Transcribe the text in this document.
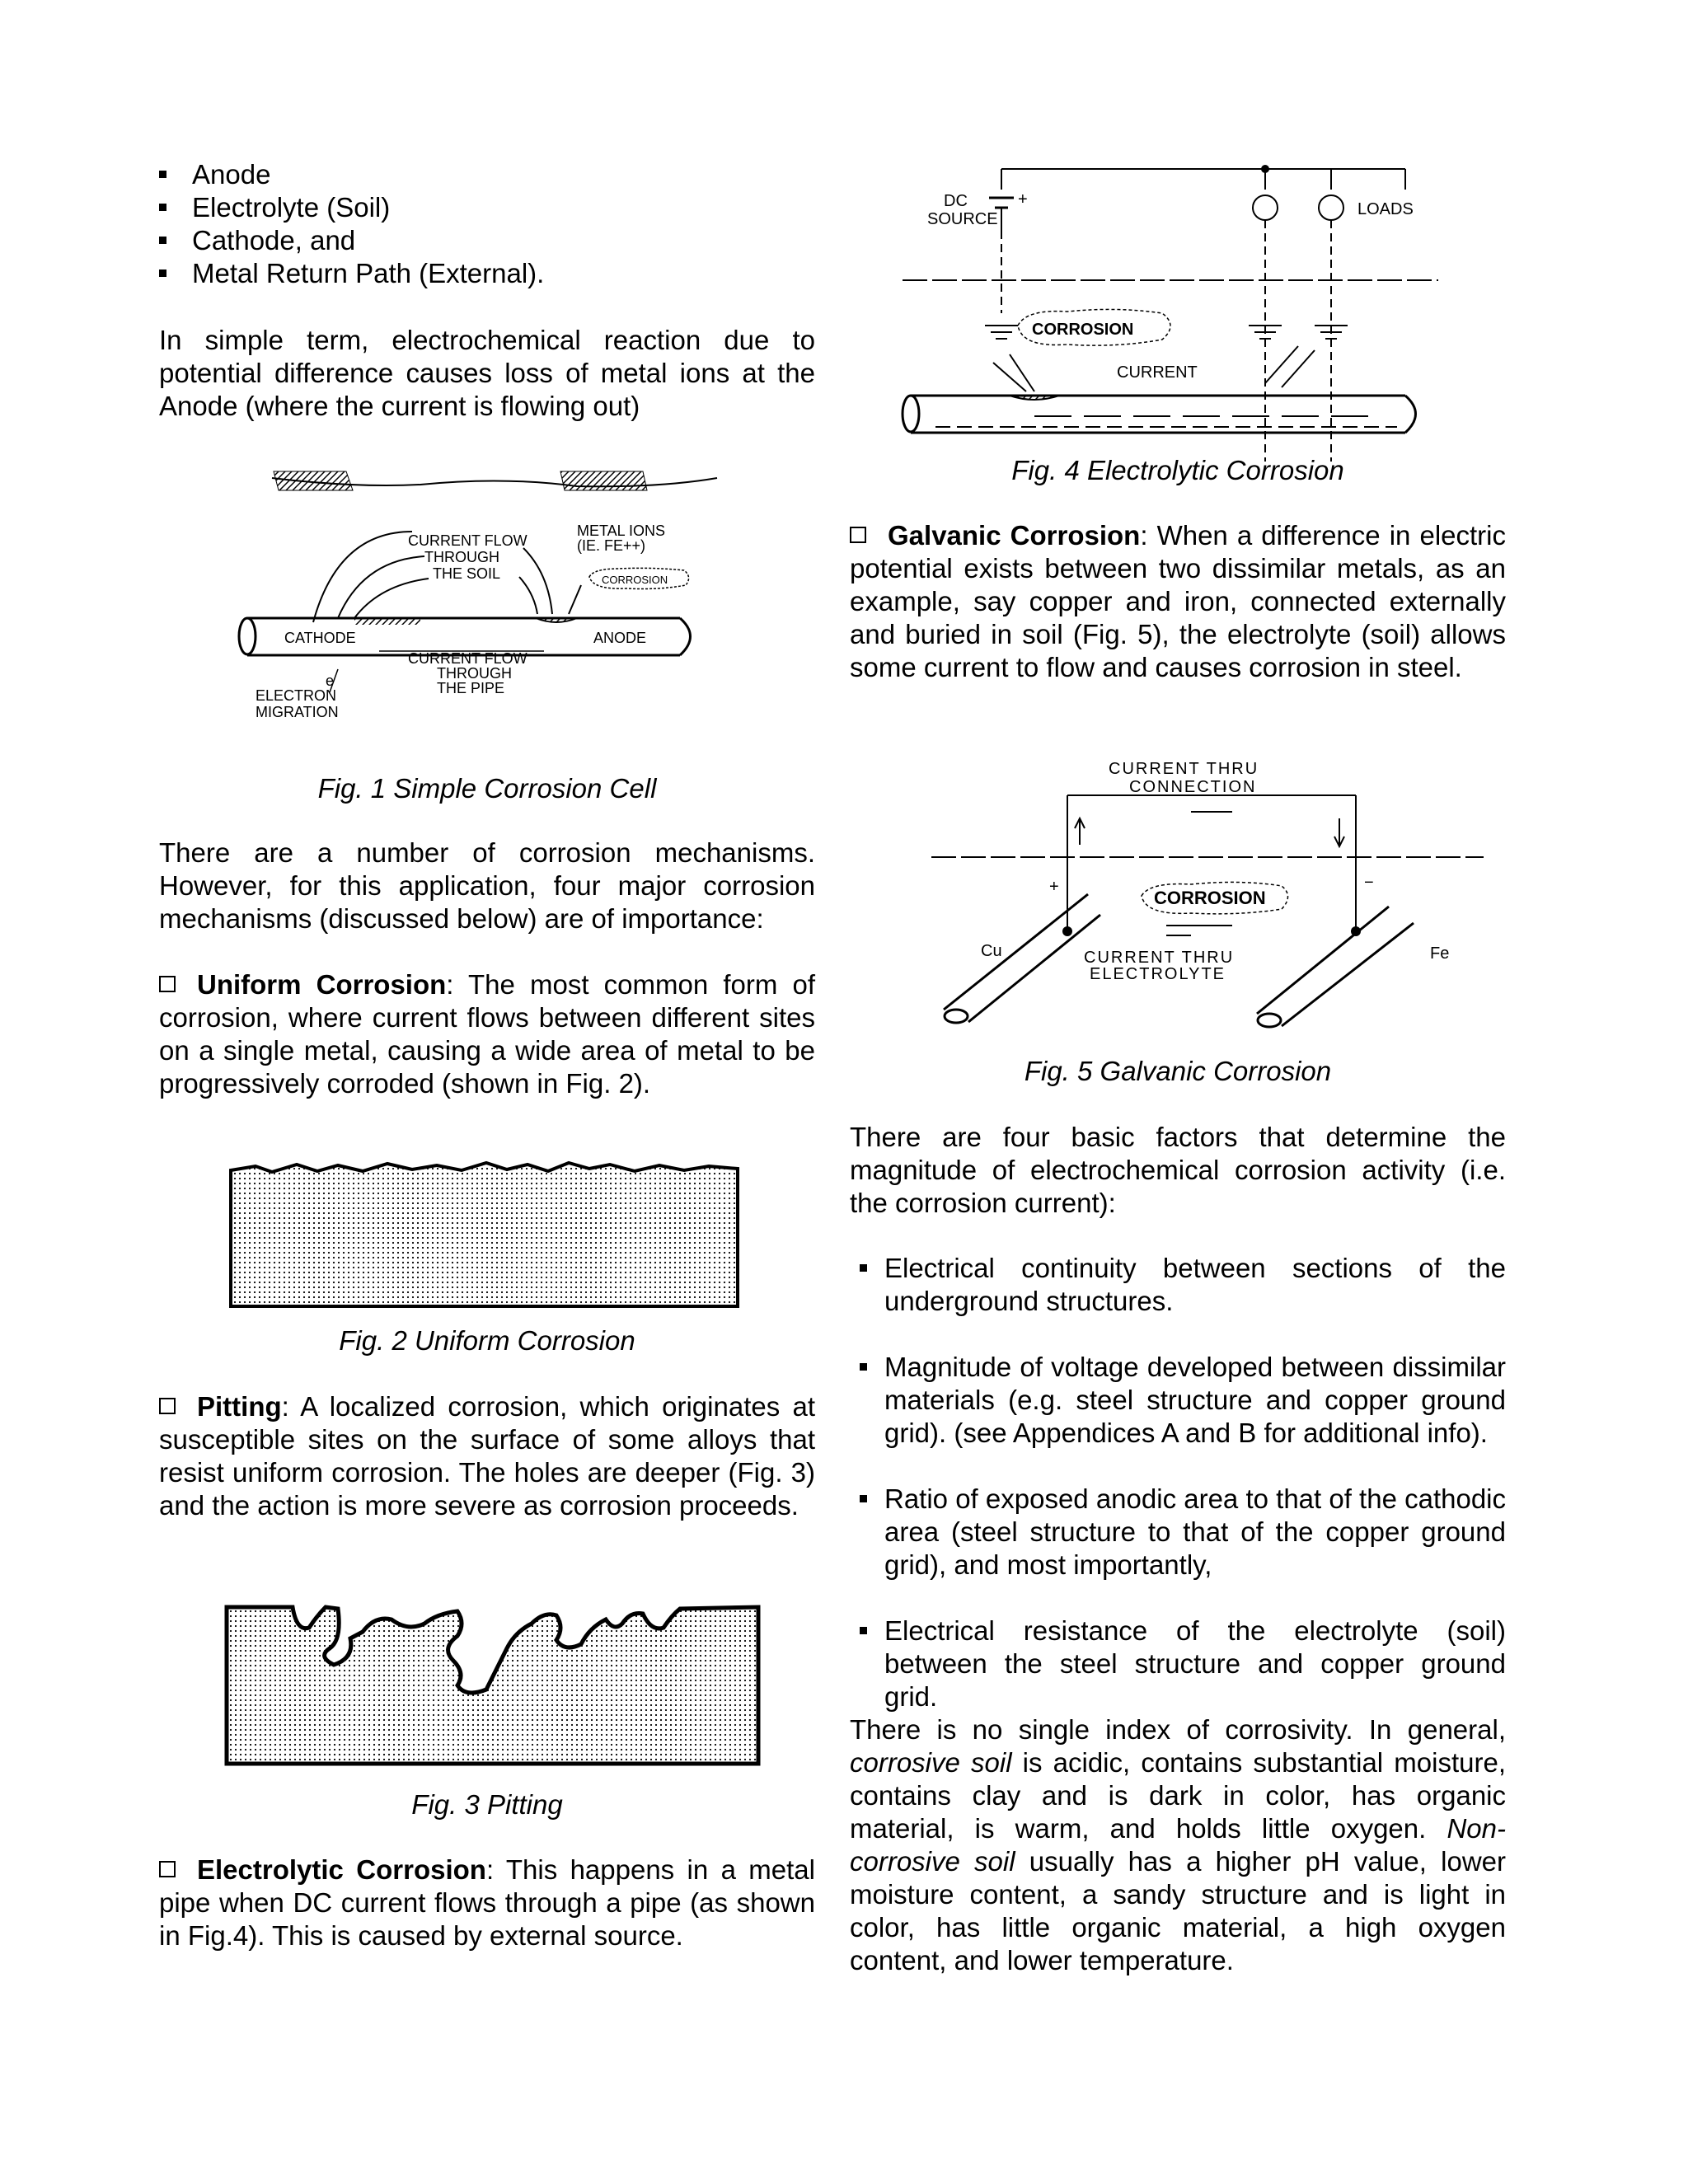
Anode
Electrolyte (Soil)
Cathode, and
Metal Return Path (External).

In simple term, electrochemical reaction due to potential difference causes loss of metal ions at the Anode (where the current is flowing out)

CURRENT FLOW
THROUGH
THE SOIL
METAL IONS
(IE. FE++)
CORROSION
CATHODE	ANODE
CURRENT FLOW
THROUGH
THE PIPE
e
ELECTRON
MIGRATION
Fig. 1 Simple Corrosion Cell

There are a number of corrosion mechanisms. However, for this application, four major corrosion mechanisms (discussed below) are of importance:

Uniform Corrosion: The most common form of corrosion, where current flows between different sites on a single metal, causing a wide area of metal to be progressively corroded (shown in Fig. 2).

Fig. 2 Uniform Corrosion

Pitting: A localized corrosion, which originates at susceptible sites on the surface of some alloys that resist uniform corrosion. The holes are deeper (Fig. 3) and the action is more severe as corrosion proceeds.

Fig. 3 Pitting

Electrolytic Corrosion: This happens in a metal pipe when DC current flows through a pipe (as shown in Fig.4). This is caused by external source.

+
DC
SOURCE
LOADS
CORROSION
CURRENT
Fig. 4 Electrolytic Corrosion

Galvanic Corrosion: When a difference in electric potential exists between two dissimilar metals, as an example, say copper and iron, connected externally and buried in soil (Fig. 5), the electrolyte (soil) allows some current to flow and causes corrosion in steel.

+	−
CURRENT THRU
CONNECTION
CORROSION
CURRENT THRU
ELECTROLYTE
Cu	Fe
Fig. 5 Galvanic Corrosion

There are four basic factors that determine the magnitude of electrochemical corrosion activity (i.e. the corrosion current):

Electrical continuity between sections of the underground structures.
Magnitude of voltage developed between dissimilar materials (e.g. steel structure and copper ground grid). (see Appendices A and B for additional info).
Ratio of exposed anodic area to that of the cathodic area (steel structure to that of the copper ground grid), and most importantly,
Electrical resistance of the electrolyte (soil) between the steel structure and copper ground grid.

There is no single index of corrosivity. In general, corrosive soil is acidic, contains substantial moisture, contains clay and is dark in color, has organic material, is warm, and holds little oxygen. Non-corrosive soil usually has a higher pH value, lower moisture content, a sandy structure and is light in color, has little organic material, a high oxygen content, and lower temperature.
